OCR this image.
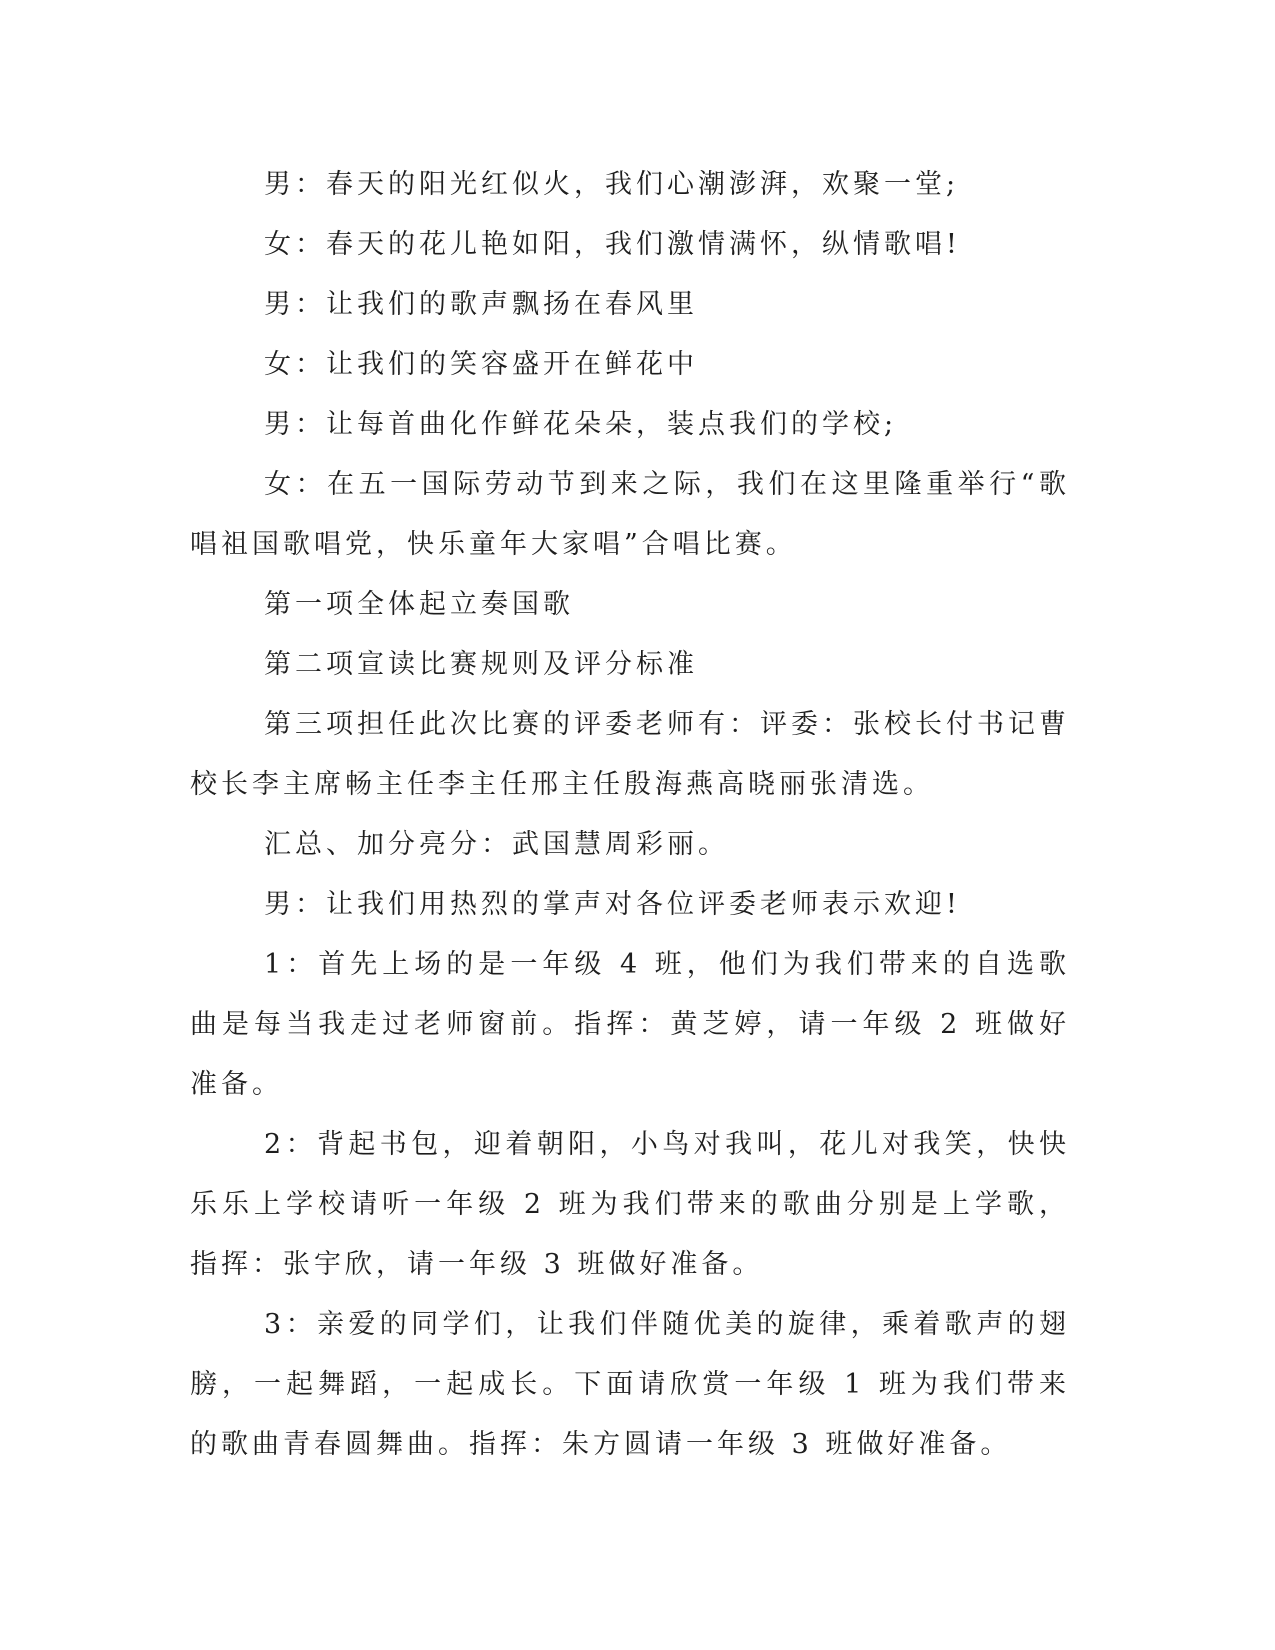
男：春天的阳光红似火，我们心潮澎湃，欢聚一堂;

女：春天的花儿艳如阳，我们激情满怀，纵情歌唱!

男：让我们的歌声飘扬在春风里

女：让我们的笑容盛开在鲜花中

男：让每首曲化作鲜花朵朵，装点我们的学校;

女：在五一国际劳动节到来之际，我们在这里隆重举行“歌唱祖国歌唱党，快乐童年大家唱”合唱比赛。

第一项全体起立奏国歌

第二项宣读比赛规则及评分标准

第三项担任此次比赛的评委老师有：评委：张校长付书记曹校长李主席畅主任李主任邢主任殷海燕高晓丽张清选。

汇总、加分亮分：武国慧周彩丽。

男：让我们用热烈的掌声对各位评委老师表示欢迎!

1：首先上场的是一年级 4 班，他们为我们带来的自选歌曲是每当我走过老师窗前。指挥：黄芝婷，请一年级 2 班做好准备。

2：背起书包，迎着朝阳，小鸟对我叫，花儿对我笑，快快乐乐上学校请听一年级 2 班为我们带来的歌曲分别是上学歌，指挥：张宇欣，请一年级 3 班做好准备。

3：亲爱的同学们，让我们伴随优美的旋律，乘着歌声的翅膀，一起舞蹈，一起成长。下面请欣赏一年级 1 班为我们带来的歌曲青春圆舞曲。指挥：朱方圆请一年级 3 班做好准备。
